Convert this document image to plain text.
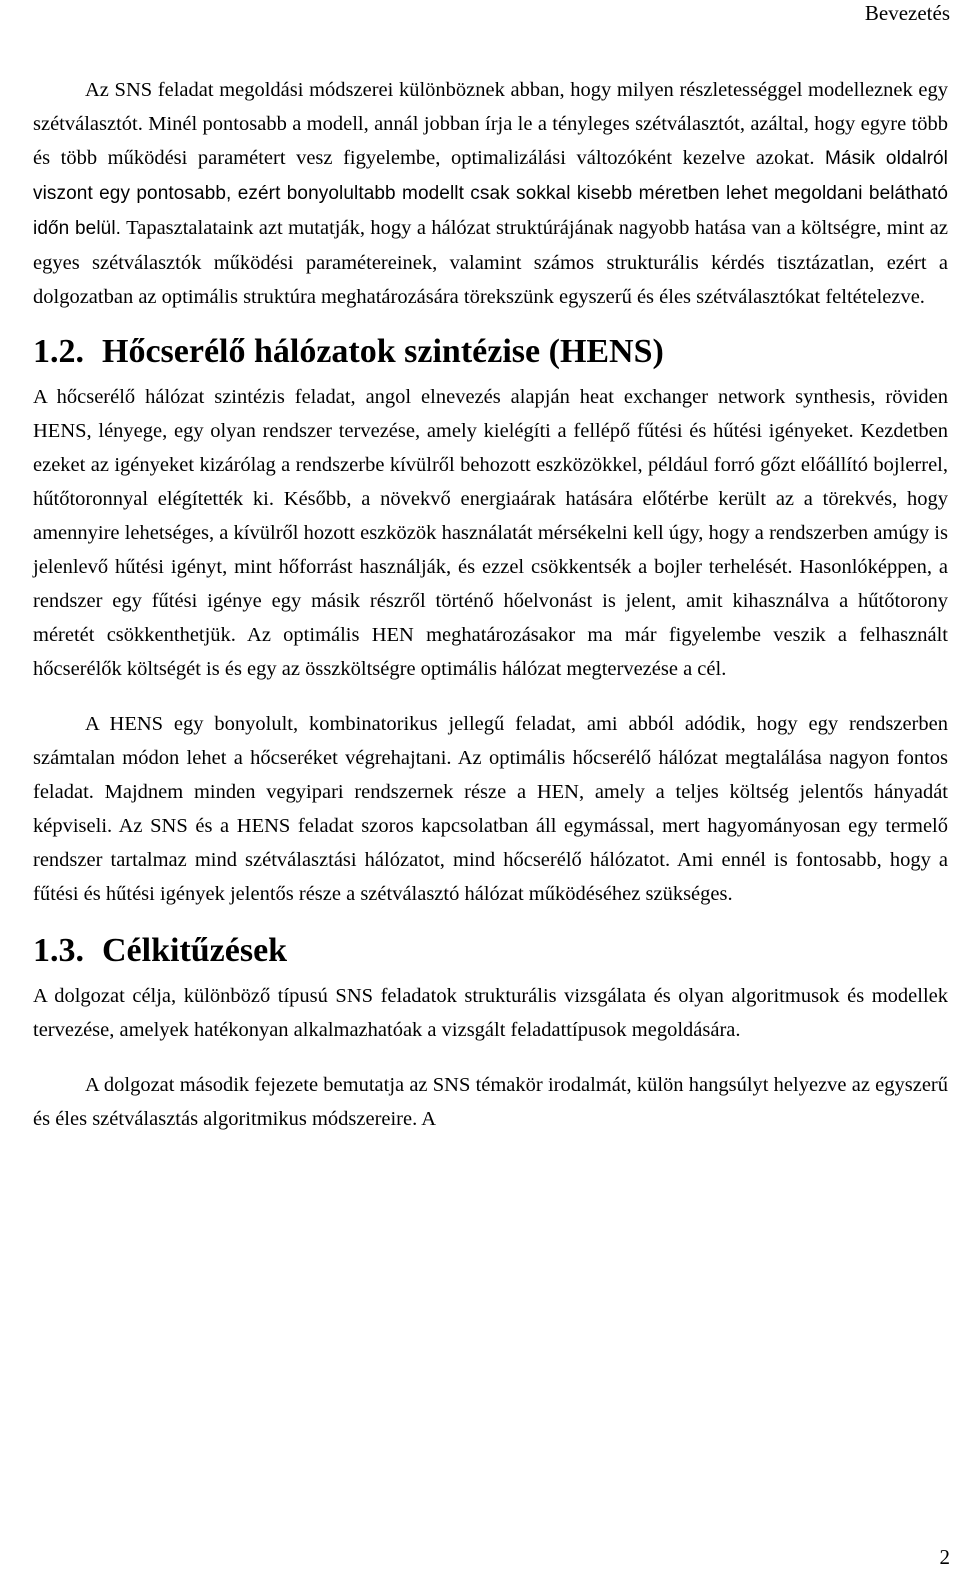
Bevezetés

Az SNS feladat megoldási módszerei különböznek abban, hogy milyen részletességgel modelleznek egy szétválasztót. Minél pontosabb a modell, annál jobban írja le a tényleges szétválasztót, azáltal, hogy egyre több és több működési paramétert vesz figyelembe, optimalizálási változóként kezelve azokat. Másik oldalról viszont egy pontosabb, ezért bonyolultabb modellt csak sokkal kisebb méretben lehet megoldani belátható időn belül. Tapasztalataink azt mutatják, hogy a hálózat struktúrájának nagyobb hatása van a költségre, mint az egyes szétválasztók működési paramétereinek, valamint számos strukturális kérdés tisztázatlan, ezért a dolgozatban az optimális struktúra meghatározására törekszünk egyszerű és éles szétválasztókat feltételezve.

1.2. Hőcserélő hálózatok szintézise (HENS)

A hőcserélő hálózat szintézis feladat, angol elnevezés alapján heat exchanger network synthesis, röviden HENS, lényege, egy olyan rendszer tervezése, amely kielégíti a fellépő fűtési és hűtési igényeket. Kezdetben ezeket az igényeket kizárólag a rendszerbe kívülről behozott eszközökkel, például forró gőzt előállító bojlerrel, hűtőtoronnyal elégítették ki. Később, a növekvő energiaárak hatására előtérbe került az a törekvés, hogy amennyire lehetséges, a kívülről hozott eszközök használatát mérsékelni kell úgy, hogy a rendszerben amúgy is jelenlevő hűtési igényt, mint hőforrást használják, és ezzel csökkentsék a bojler terhelését. Hasonlóképpen, a rendszer egy fűtési igénye egy másik részről történő hőelvonást is jelent, amit kihasználva a hűtőtorony méretét csökkenthetjük. Az optimális HEN meghatározásakor ma már figyelembe veszik a felhasznált hőcserélők költségét is és egy az összköltségre optimális hálózat megtervezése a cél.

A HENS egy bonyolult, kombinatorikus jellegű feladat, ami abból adódik, hogy egy rendszerben számtalan módon lehet a hőcseréket végrehajtani. Az optimális hőcserélő hálózat megtalálása nagyon fontos feladat. Majdnem minden vegyipari rendszernek része a HEN, amely a teljes költség jelentős hányadát képviseli. Az SNS és a HENS feladat szoros kapcsolatban áll egymással, mert hagyományosan egy termelő rendszer tartalmaz mind szétválasztási hálózatot, mind hőcserélő hálózatot. Ami ennél is fontosabb, hogy a fűtési és hűtési igények jelentős része a szétválasztó hálózat működéséhez szükséges.

1.3. Célkitűzések

A dolgozat célja, különböző típusú SNS feladatok strukturális vizsgálata és olyan algoritmusok és modellek tervezése, amelyek hatékonyan alkalmazhatóak a vizsgált feladattípusok megoldására.

A dolgozat második fejezete bemutatja az SNS témakör irodalmát, külön hangsúlyt helyezve az egyszerű és éles szétválasztás algoritmikus módszereire. A

2
